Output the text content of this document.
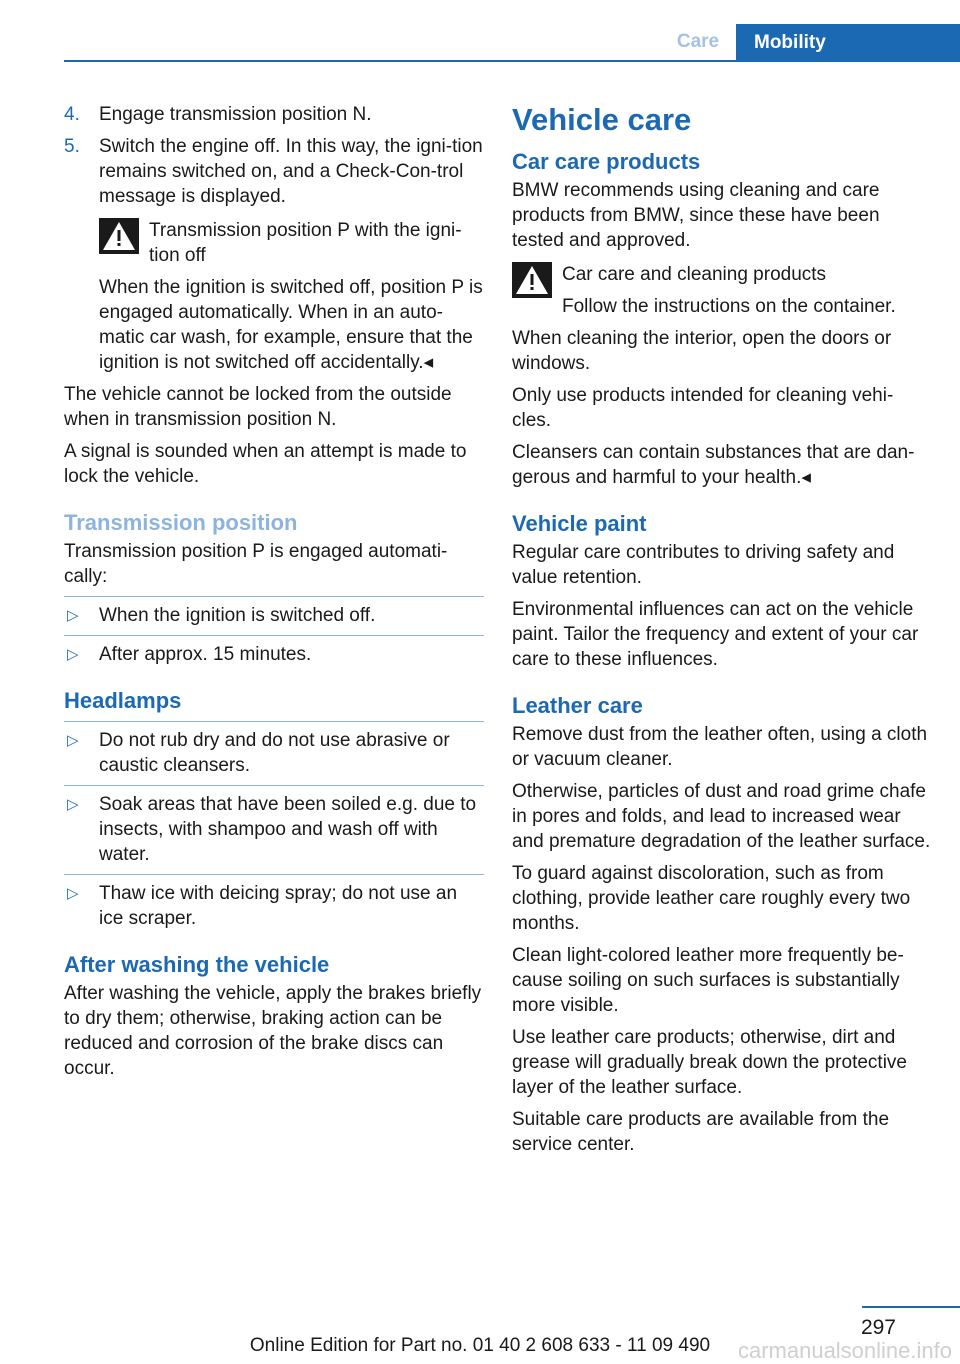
Care	Mobility
4. Engage transmission position N.
5. Switch the engine off. In this way, the igni-tion remains switched on, and a Check-Con-trol message is displayed.
Transmission position P with the igni-tion off

When the ignition is switched off, position P is engaged automatically. When in an auto-matic car wash, for example, ensure that the ignition is not switched off accidentally.◂

The vehicle cannot be locked from the outside when in transmission position N.

A signal is sounded when an attempt is made to lock the vehicle.

Transmission position

Transmission position P is engaged automati-cally:

▷ When the ignition is switched off.
▷ After approx. 15 minutes.
Headlamps
▷ Do not rub dry and do not use abrasive or caustic cleansers.
▷ Soak areas that have been soiled e.g. due to insects, with shampoo and wash off with water.
▷ Thaw ice with deicing spray; do not use an ice scraper.
After washing the vehicle

After washing the vehicle, apply the brakes briefly to dry them; otherwise, braking action can be reduced and corrosion of the brake discs can occur.

Vehicle care
Car care products

BMW recommends using cleaning and care products from BMW, since these have been tested and approved.

Car care and cleaning products
Follow the instructions on the container.

When cleaning the interior, open the doors or windows.

Only use products intended for cleaning vehi-cles.

Cleansers can contain substances that are dan-gerous and harmful to your health.◂

Vehicle paint

Regular care contributes to driving safety and value retention.

Environmental influences can act on the vehicle paint. Tailor the frequency and extent of your car care to these influences.

Leather care

Remove dust from the leather often, using a cloth or vacuum cleaner.

Otherwise, particles of dust and road grime chafe in pores and folds, and lead to increased wear and premature degradation of the leather surface.

To guard against discoloration, such as from clothing, provide leather care roughly every two months.

Clean light-colored leather more frequently be-cause soiling on such surfaces is substantially more visible.

Use leather care products; otherwise, dirt and grease will gradually break down the protective layer of the leather surface.

Suitable care products are available from the service center.

297
Online Edition for Part no. 01 40 2 608 633 - 11 09 490	carmanualsonline.info
